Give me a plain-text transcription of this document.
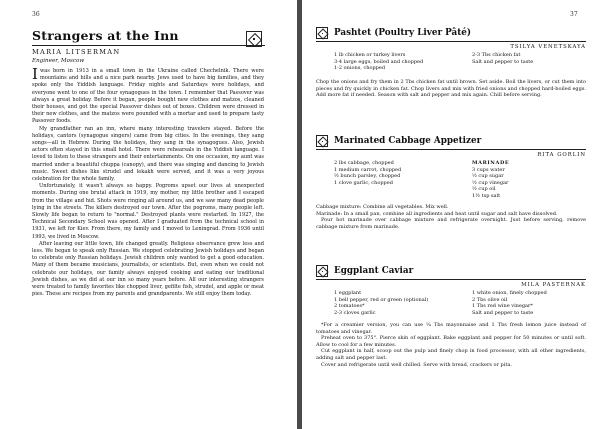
36
Strangers at the Inn
MARIA LITSERMAN
Engineer, Moscow

I was born in 1913 in a small town in the Ukraine called Chechelnik. There were mountains and hills and a nice park nearby. Jews used to have big families, and they spoke only the Yiddish language. Friday nights and Saturdays were holidays, and everyone went to one of the four synagogues in the town. I remember that Passover was always a great holiday. Before it began, people bought new clothes and matzos, cleaned their houses, and got the special Passover dishes out of boxes. Children were dressed in their new clothes, and the matzos were pounded with a mortar and used to prepare tasty Passover foods.

My grandfather ran an inn, where many interesting travelers stayed. Before the holidays, cantors (synagogue singers) came from big cities. In the evenings, they sang songs—all in Hebrew. During the holidays, they sang in the synagogues. Also, Jewish actors often stayed in this small hotel. There were rehearsals in the Yiddish language. I loved to listen to these strangers and their entertainments. On one occasion, my aunt was married under a beautiful chuppa (canopy), and there was singing and dancing to Jewish music. Sweet dishes like strudel and lekakh were served, and it was a very joyous celebration for the whole family.

Unfortunately, it wasn't always so happy. Pogroms upset our lives at unexpected moments. During one brutal attack in 1919, my mother, my little brother and I escaped from the village and hid. Shots were ringing all around us, and we saw many dead people lying in the streets. The killers destroyed our town. After the pogroms, many people left. Slowly life began to return to "normal." Destroyed plants were restarted. In 1927, the Technical Secondary School was opened. After I graduated from the technical school in 1931, we left for Kiev. From there, my family and I moved to Leningrad. From 1936 until 1993, we lived in Moscow.

After leaving our little town, life changed greatly. Religious observance grew less and less. We began to speak only Russian. We stopped celebrating Jewish holidays and began to celebrate only Russian holidays. Jewish children only wanted to get a good education. Many of them became musicians, journalists, or scientists. But, even when we could not celebrate our holidays, our family always enjoyed cooking and eating our traditional Jewish dishes, as we did at our inn so many years before. All our interesting strangers were treated to family favorites like chopped liver, gefilte fish, strudel, and apple or meat pies. These are recipes from my parents and grandparents. We still enjoy them today.

37
Pashtet (Poultry Liver Pâté)
TSILYA VENETSKAYA
1 lb chicken or turkey livers
3-4 large eggs, boiled and chopped
1-2 onions, chopped
2-3 Tbs chicken fat
Salt and pepper to taste

Chop the onions and fry them in 2 Tbs chicken fat until brown. Set aside. Boil the livers, or cut them into pieces and fry quickly in chicken fat. Chop livers and mix with fried onions and chopped hard-boiled eggs. Add more fat if needed. Season with salt and pepper and mix again. Chill before serving.

Marinated Cabbage Appetizer
RITA GORLIN
2 lbs cabbage, chopped
1 medium carrot, chopped
½ bunch parsley, chopped
1 clove garlic, chopped
MARINADE
3 cups water
½ cup sugar
½ cup vinegar
½ cup oil
1½ tsp salt

Cabbage mixture: Combine all vegetables. Mix well.

Marinade: In a small pan, combine all ingredients and heat until sugar and salt have dissolved.

Pour hot marinade over cabbage mixture and refrigerate overnight. Just before serving, remove cabbage mixture from marinade.

Eggplant Caviar
MILA PASTERNAK
1 eggplant
1 bell pepper, red or green (optional)
2 tomatoes*
2-3 cloves garlic
1 white onion, finely chopped
2 Tbs olive oil
1 Tbs red wine vinegar*
Salt and pepper to taste

*For a creamier version, you can use ¼ Tbs mayonnaise and 1 Tbs fresh lemon juice instead of tomatoes and vinegar.

Preheat oven to 375°. Pierce skin of eggplant. Bake eggplant and pepper for 50 minutes or until soft. Allow to cool for a few minutes.

Cut eggplant in half, scoop out the pulp and finely chop in food processor, with all other ingredients, adding salt and pepper last.

Cover and refrigerate until well chilled. Serve with bread, crackers or pita.
